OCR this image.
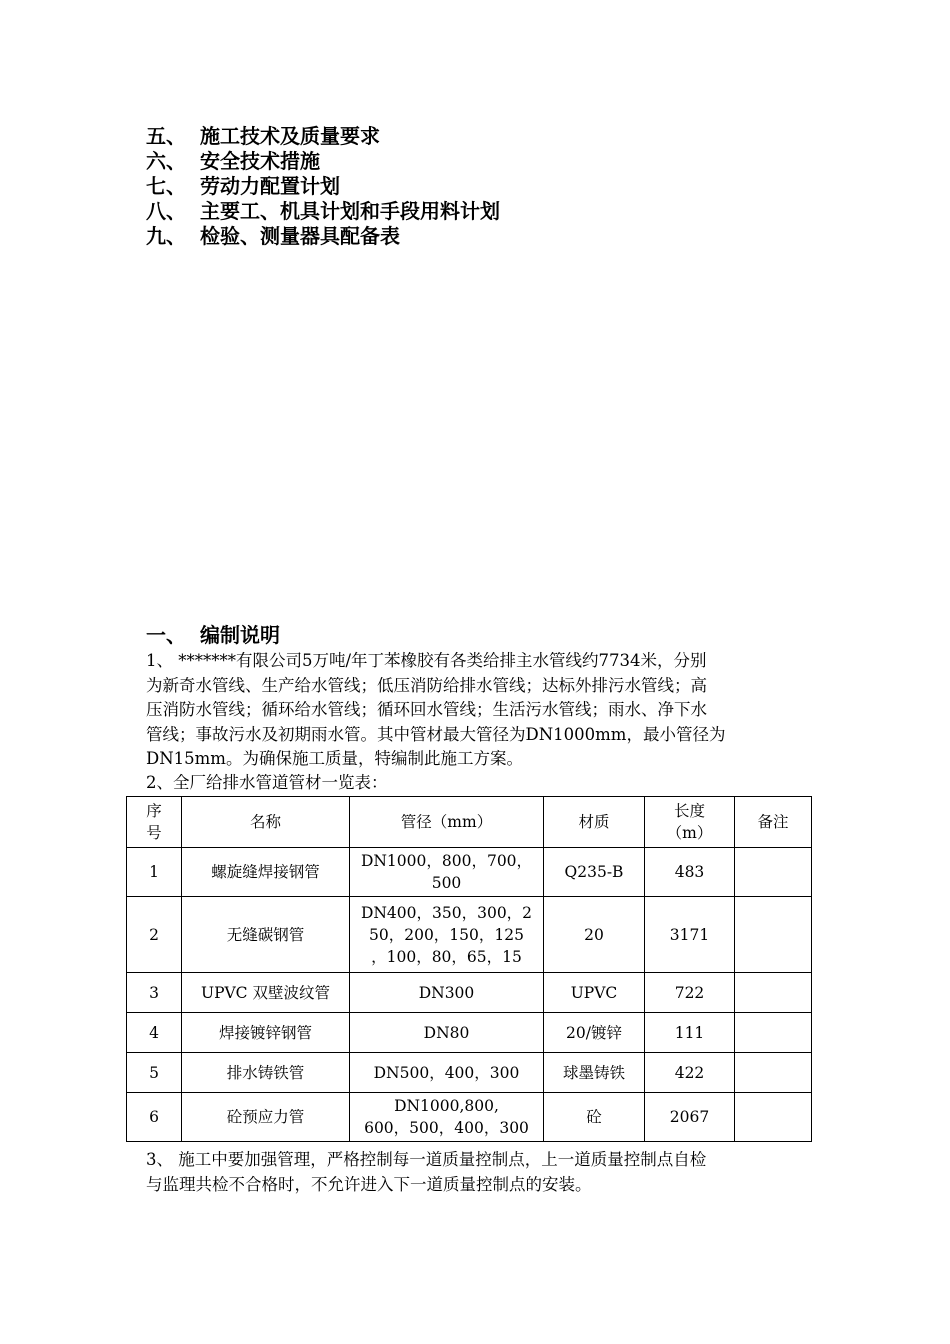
五、 施工技术及质量要求
六、 安全技术措施
七、 劳动力配置计划
八、 主要工、机具计划和手段用料计划
九、 检验、测量器具配备表
一、 编制说明
1、 *******有限公司5万吨/年丁苯橡胶有各类给排主水管线约7734米，分别
为新奇水管线、生产给水管线；低压消防给排水管线；达标外排污水管线；高
压消防水管线；循环给水管线；循环回水管线；生活污水管线；雨水、净下水
管线；事故污水及初期雨水管。其中管材最大管径为DN1000mm，最小管径为
DN15mm。为确保施工质量，特编制此施工方案。
2、全厂给排水管道管材一览表：
序
号	名称	管径（mm）	材质	长度
（m）	备注
1	螺旋缝焊接钢管	DN1000，800，700，
500	Q235-B	483	
2	无缝碳钢管	DN400，350，300，2
50，200，150，125
，100，80，65，15	20	3171	
3	UPVC 双壁波纹管	DN300	UPVC	722	
4	焊接镀锌钢管	DN80	20/镀锌	111	
5	排水铸铁管	DN500，400，300	球墨铸铁	422	
6	砼预应力管	DN1000,800,
600，500，400，300	砼	2067	
3、 施工中要加强管理，严格控制每一道质量控制点，上一道质量控制点自检
与监理共检不合格时，不允许进入下一道质量控制点的安装。
